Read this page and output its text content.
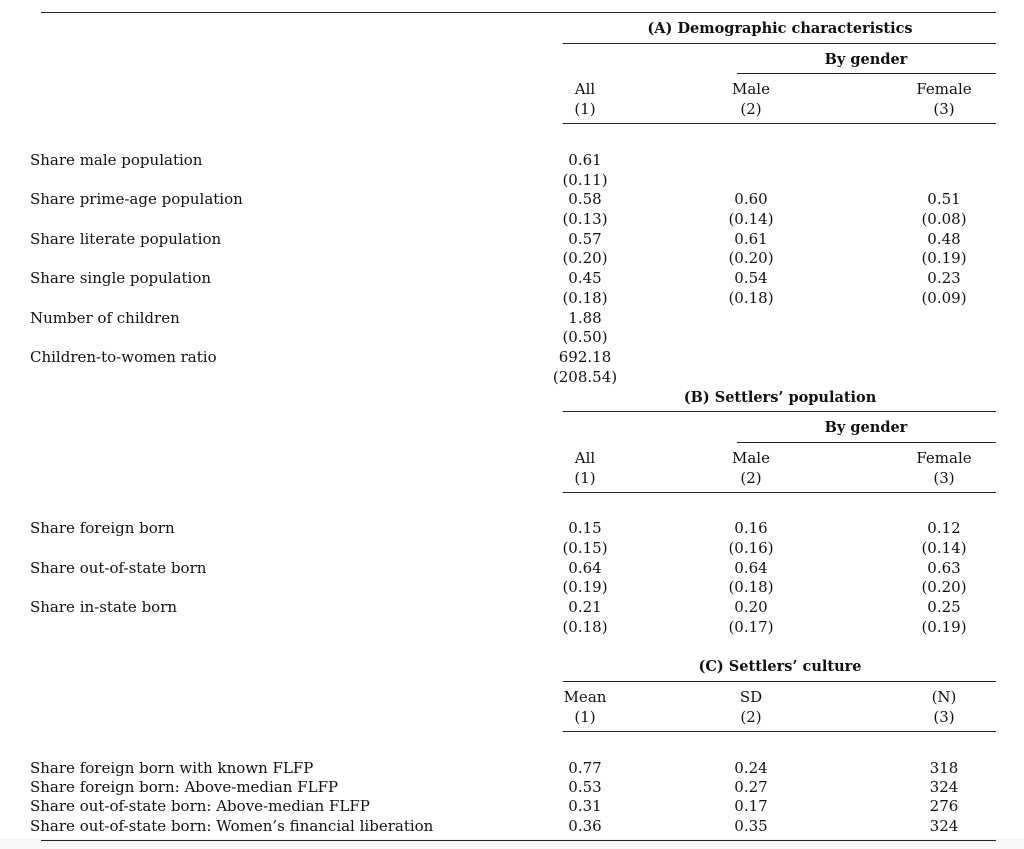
(A) Demographic characteristics
By gender
All	Male	Female
(1)	(2)	(3)
Share male population	0.61
(0.11)
Share prime-age population	0.58	0.60	0.51
(0.13)	(0.14)	(0.08)
Share literate population	0.57	0.61	0.48
(0.20)	(0.20)	(0.19)
Share single population	0.45	0.54	0.23
(0.18)	(0.18)	(0.09)
Number of children	1.88
(0.50)
Children-to-women ratio	692.18
(208.54)
(B) Settlers’ population
By gender
All	Male	Female
(1)	(2)	(3)
Share foreign born	0.15	0.16	0.12
(0.15)	(0.16)	(0.14)
Share out-of-state born	0.64	0.64	0.63
(0.19)	(0.18)	(0.20)
Share in-state born	0.21	0.20	0.25
(0.18)	(0.17)	(0.19)
(C) Settlers’ culture
Mean	SD	(N)
(1)	(2)	(3)
Share foreign born with known FLFP	0.77	0.24	318
Share foreign born: Above-median FLFP	0.53	0.27	324
Share out-of-state born: Above-median FLFP	0.31	0.17	276
Share out-of-state born: Women’s financial liberation	0.36	0.35	324
